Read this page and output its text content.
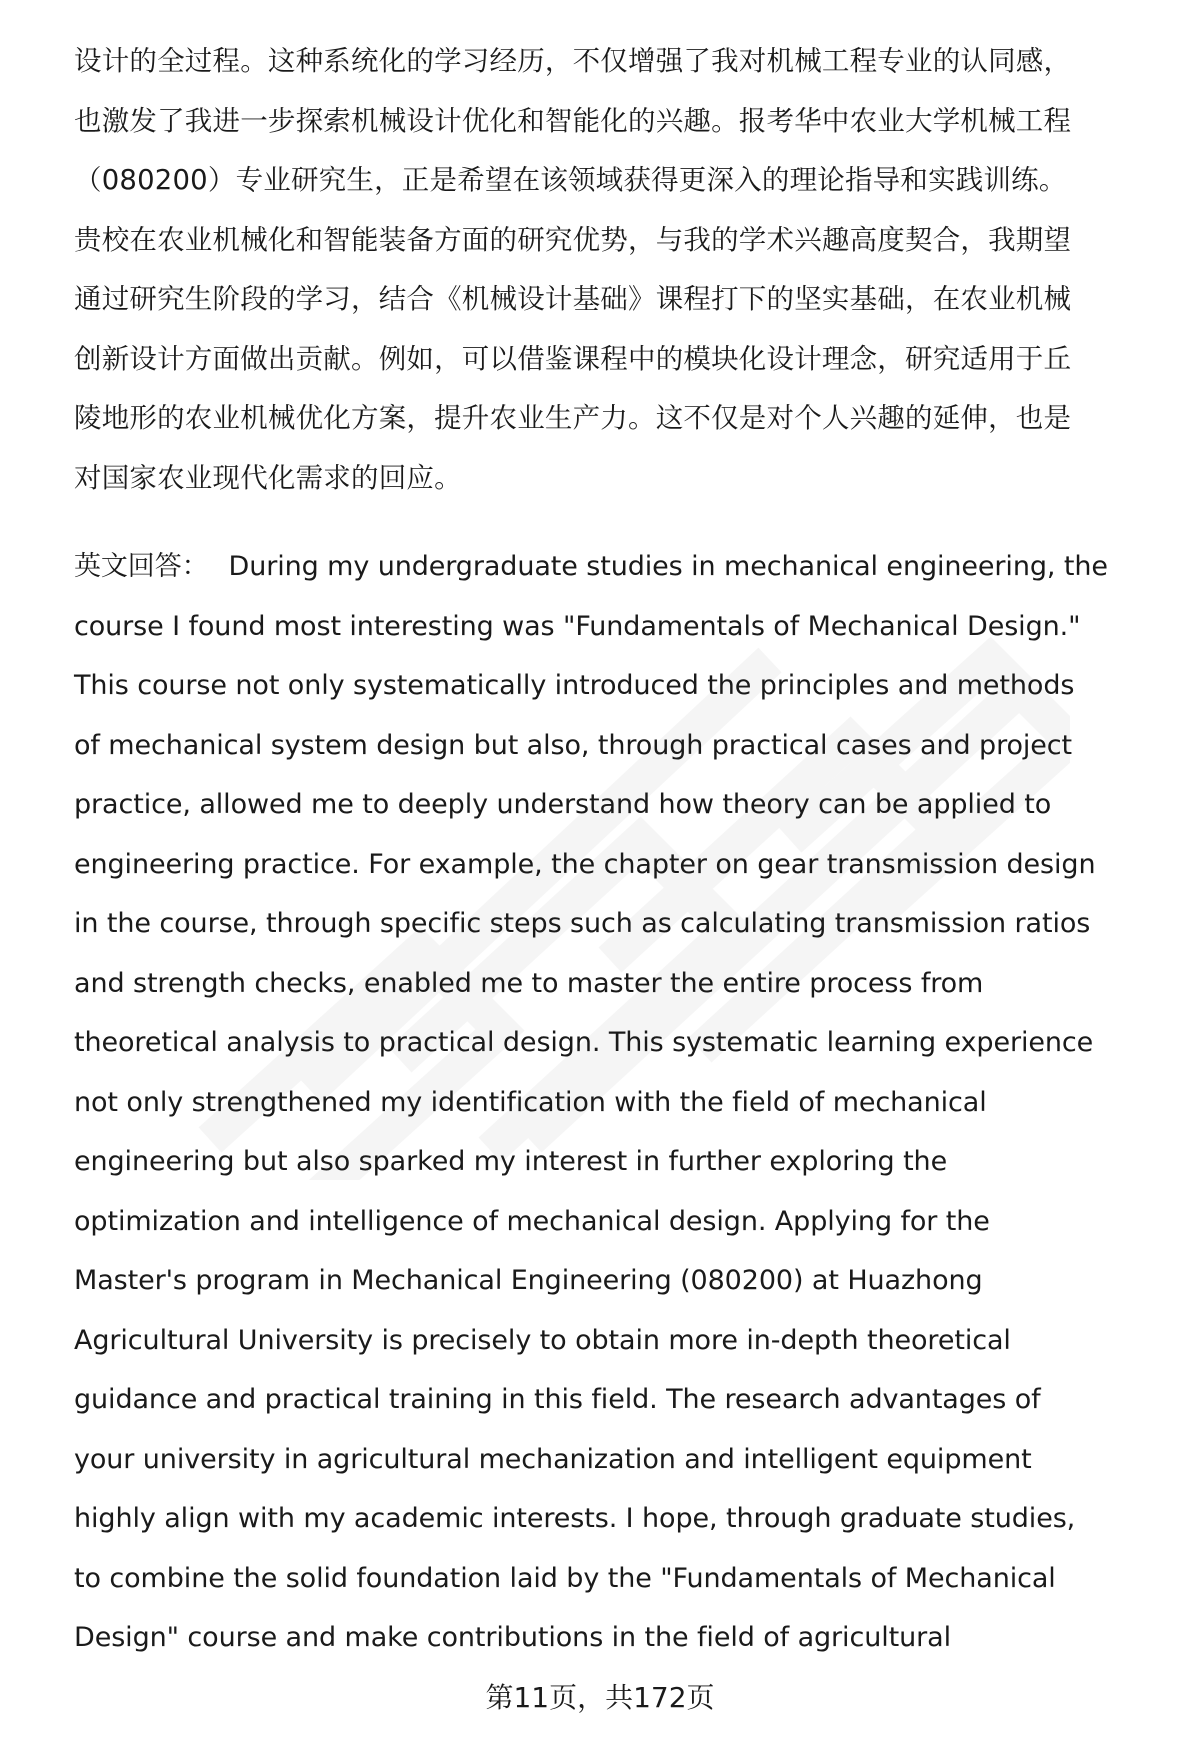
设计的全过程。这种系统化的学习经历，不仅增强了我对机械工程专业的认同感，
也激发了我进一步探索机械设计优化和智能化的兴趣。报考华中农业大学机械工程
（080200）专业研究生，正是希望在该领域获得更深入的理论指导和实践训练。
贵校在农业机械化和智能装备方面的研究优势，与我的学术兴趣高度契合，我期望
通过研究生阶段的学习，结合《机械设计基础》课程打下的坚实基础，在农业机械
创新设计方面做出贡献。例如，可以借鉴课程中的模块化设计理念，研究适用于丘
陵地形的农业机械优化方案，提升农业生产力。这不仅是对个人兴趣的延伸，也是
对国家农业现代化需求的回应。
英文回答： During my undergraduate studies in mechanical engineering, the
course I found most interesting was "Fundamentals of Mechanical Design."
This course not only systematically introduced the principles and methods
of mechanical system design but also, through practical cases and project
practice, allowed me to deeply understand how theory can be applied to
engineering practice. For example, the chapter on gear transmission design
in the course, through specific steps such as calculating transmission ratios
and strength checks, enabled me to master the entire process from
theoretical analysis to practical design. This systematic learning experience
not only strengthened my identification with the field of mechanical
engineering but also sparked my interest in further exploring the
optimization and intelligence of mechanical design. Applying for the
Master's program in Mechanical Engineering (080200) at Huazhong
Agricultural University is precisely to obtain more in-depth theoretical
guidance and practical training in this field. The research advantages of
your university in agricultural mechanization and intelligent equipment
highly align with my academic interests. I hope, through graduate studies,
to combine the solid foundation laid by the "Fundamentals of Mechanical
Design" course and make contributions in the field of agricultural
第11页，共172页
